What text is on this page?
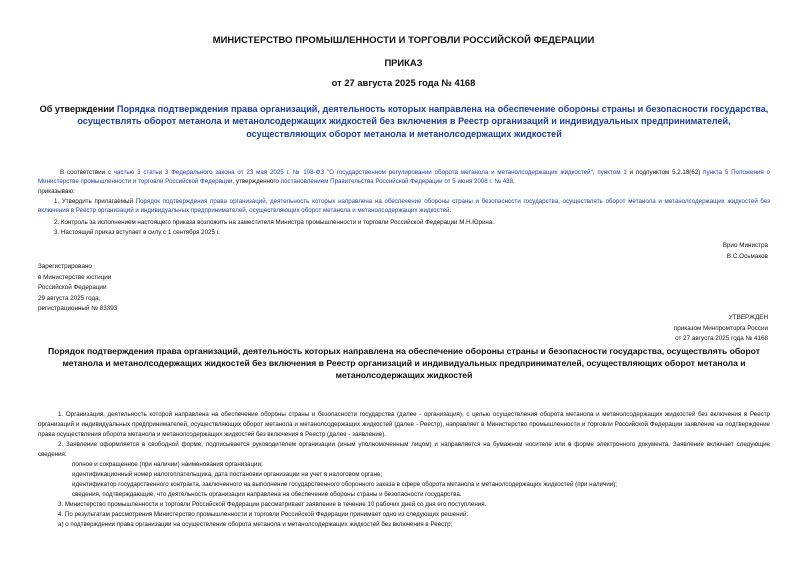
МИНИСТЕРСТВО ПРОМЫШЛЕННОСТИ И ТОРГОВЛИ РОССИЙСКОЙ ФЕДЕРАЦИИ
ПРИКАЗ
от 27 августа 2025 года № 4168
Об утверждении Порядка подтверждения права организаций, деятельность которых направлена на обеспечение обороны страны и безопасности государства, осуществлять оборот метанола и метанолсодержащих жидкостей без включения в Реестр организаций и индивидуальных предпринимателей, осуществляющих оборот метанола и метанолсодержащих жидкостей
В соответствии с частью 3 статьи 3 Федерального закона от 23 мая 2025 г. № 108-ФЗ "О государственном регулировании оборота метанола и метанолсодержащих жидкостей", пунктом 1 и подпунктом 5.2.18(62) пункта 5 Положения о Министерстве промышленности и торговли Российской Федерации, утвержденного постановлением Правительства Российской Федерации от 5 июня 2008 г. № 438,
приказываю:
1. Утвердить прилагаемый Порядок подтверждения права организаций, деятельность которых направлена на обеспечение обороны страны и безопасности государства, осуществлять оборот метанола и метанолсодержащих жидкостей без включения в Реестр организаций и индивидуальных предпринимателей, осуществляющих оборот метанола и метанолсодержащих жидкостей.
2. Контроль за исполнением настоящего приказа возложить на заместителя Министра промышленности и торговли Российской Федерации М.Н.Юрина.
3. Настоящий приказ вступает в силу с 1 сентября 2025 г.
Врио Министра
В.С.Осьмаков
Зарегистрировано
в Министерстве юстиции
Российской Федерации
29 августа 2025 года,
регистрационный № 83393
УТВЕРЖДЕН
приказом Минпромторга России
от 27 августа 2025 года № 4168
Порядок подтверждения права организаций, деятельность которых направлена на обеспечение обороны страны и безопасности государства, осуществлять оборот метанола и метанолсодержащих жидкостей без включения в Реестр организаций и индивидуальных предпринимателей, осуществляющих оборот метанола и метанолсодержащих жидкостей
1. Организация, деятельность которой направлена на обеспечение обороны страны и безопасности государства (далее - организация), с целью осуществления оборота метанола и метанолсодержащих жидкостей без включения в Реестр организаций и индивидуальных предпринимателей, осуществляющих оборот метанола и метанолсодержащих жидкостей (далее - Реестр), направляет в Министерство промышленности и торговли Российской Федерации заявление на подтверждение права осуществления оборота метанола и метанолсодержащих жидкостей без включения в Реестр (далее - заявление).
2. Заявление оформляется в свободной форме, подписывается руководителем организации (иным уполномоченным лицом) и направляется на бумажном носителе или в форме электронного документа. Заявление включает следующие сведения:
полное и сокращенное (при наличии) наименования организации;
идентификационный номер налогоплательщика, дата постановки организации на учет в налоговом органе;
идентификатор государственного контракта, заключенного на выполнение государственного оборонного заказа в сфере оборота метанола и метанолсодержащих жидкостей (при наличии);
сведения, подтверждающие, что деятельность организации направлена на обеспечение обороны страны и безопасности государства.
3. Министерство промышленности и торговли Российской Федерации рассматривает заявление в течение 10 рабочих дней со дня его поступления.
4. По результатам рассмотрения Министерство промышленности и торговли Российской Федерации принимает одно из следующих решений:
а) о подтверждении права организации на осуществление оборота метанола и метанолсодержащих жидкостей без включения в Реестр;
